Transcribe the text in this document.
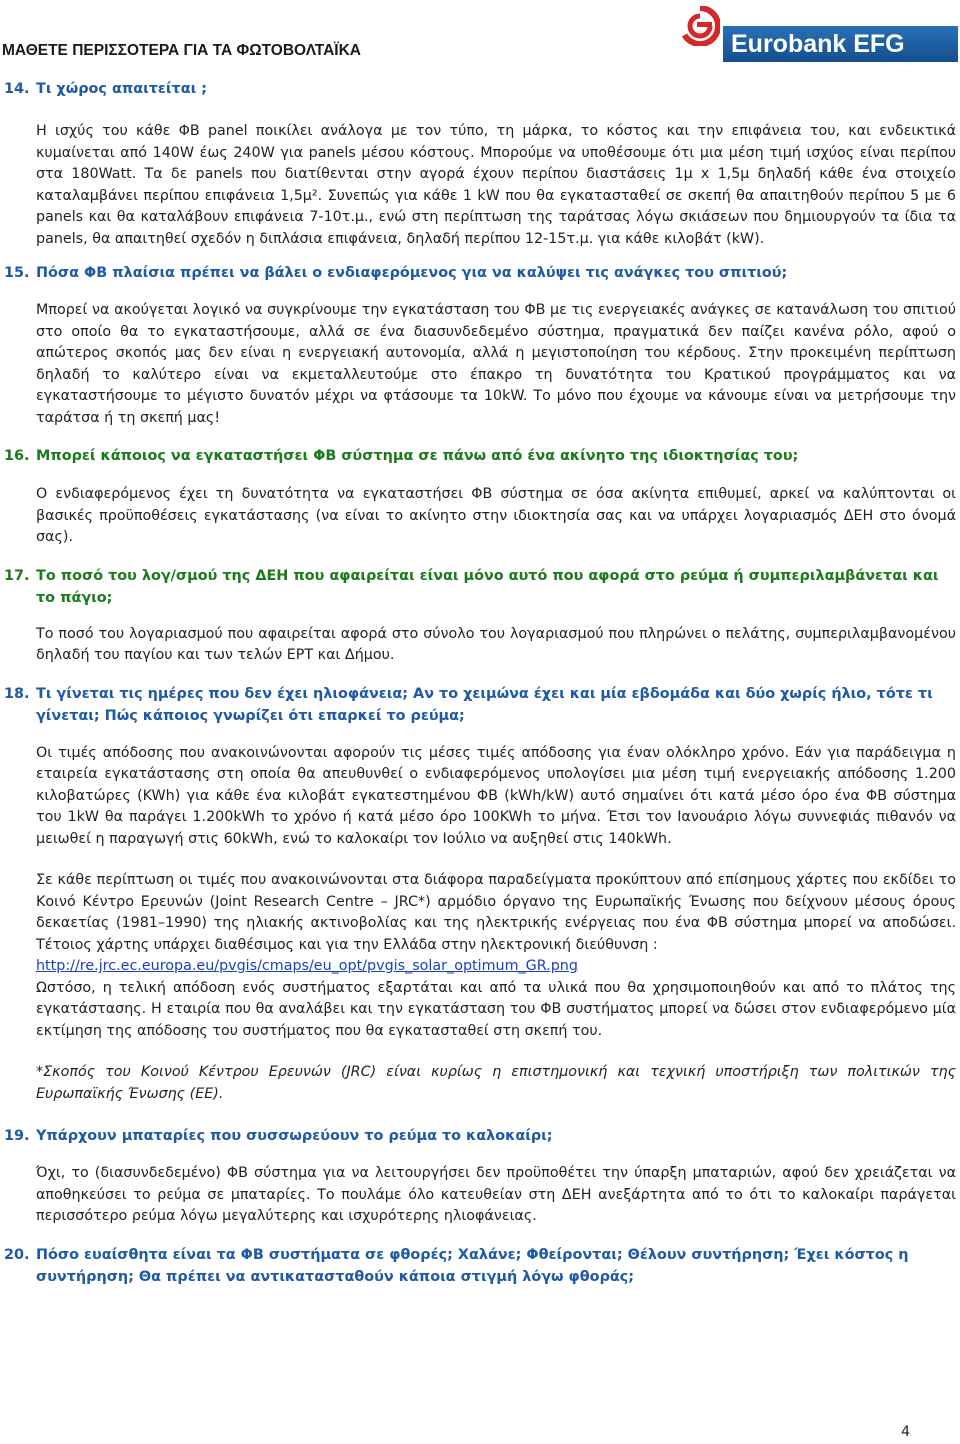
ΜΑΘΕΤΕ ΠΕΡΙΣΣΟΤΕΡΑ ΓΙΑ ΤΑ ΦΩΤΟΒΟΛΤΑΪΚΑ	Eurobank EFG
14. Τι χώρος απαιτείται ;

Η ισχύς του κάθε ΦΒ panel ποικίλει ανάλογα με τον τύπο, τη μάρκα, το κόστος και την επιφάνεια του, και ενδεικτικά κυμαίνεται από 140W έως 240W για panels μέσου κόστους. Μπορούμε να υποθέσουμε ότι μια μέση τιμή ισχύος είναι περίπου στα 180Watt. Τα δε panels που διατίθενται στην αγορά έχουν περίπου διαστάσεις 1μ x 1,5μ δηλαδή κάθε ένα στοιχείο καταλαμβάνει περίπου επιφάνεια 1,5μ². Συνεπώς για κάθε 1 kW που θα εγκατασταθεί σε σκεπή θα απαιτηθούν περίπου 5 με 6 panels και θα καταλάβουν επιφάνεια 7-10τ.μ., ενώ στη περίπτωση της ταράτσας λόγω σκιάσεων που δημιουργούν τα ίδια τα panels, θα απαιτηθεί σχεδόν η διπλάσια επιφάνεια, δηλαδή περίπου 12-15τ.μ. για κάθε κιλοβάτ (kW).

15. Πόσα ΦΒ πλαίσια πρέπει να βάλει ο ενδιαφερόμενος για να καλύψει τις ανάγκες του σπιτιού;

Μπορεί να ακούγεται λογικό να συγκρίνουμε την εγκατάσταση του ΦΒ με τις ενεργειακές ανάγκες σε κατανάλωση του σπιτιού στο οποίο θα το εγκαταστήσουμε, αλλά σε ένα διασυνδεδεμένο σύστημα, πραγματικά δεν παίζει κανένα ρόλο, αφού ο απώτερος σκοπός μας δεν είναι η ενεργειακή αυτονομία, αλλά η μεγιστοποίηση του κέρδους. Στην προκειμένη περίπτωση δηλαδή το καλύτερο είναι να εκμεταλλευτούμε στο έπακρο τη δυνατότητα του Κρατικού προγράμματος και να εγκαταστήσουμε το μέγιστο δυνατόν μέχρι να φτάσουμε τα 10kW. Το μόνο που έχουμε να κάνουμε είναι να μετρήσουμε την ταράτσα ή τη σκεπή μας!

16. Μπορεί κάποιος να εγκαταστήσει ΦΒ σύστημα σε πάνω από ένα ακίνητο της ιδιοκτησίας του;

Ο ενδιαφερόμενος έχει τη δυνατότητα να εγκαταστήσει ΦΒ σύστημα σε όσα ακίνητα επιθυμεί, αρκεί να καλύπτονται οι βασικές προϋποθέσεις εγκατάστασης (να είναι το ακίνητο στην ιδιοκτησία σας και να υπάρχει λογαριασμός ΔΕΗ στο όνομά σας).

17. Το ποσό του λογ/σμού της ΔΕΗ που αφαιρείται είναι μόνο αυτό που αφορά στο ρεύμα ή συμπεριλαμβάνεται και το πάγιο;

Το ποσό του λογαριασμού που αφαιρείται αφορά στο σύνολο του λογαριασμού που πληρώνει ο πελάτης, συμπεριλαμβανομένου δηλαδή του παγίου και των τελών ΕΡΤ και Δήμου.

18. Τι γίνεται τις ημέρες που δεν έχει ηλιοφάνεια; Αν το χειμώνα έχει και μία εβδομάδα και δύο χωρίς ήλιο, τότε τι γίνεται; Πώς κάποιος γνωρίζει ότι επαρκεί το ρεύμα;

Οι τιμές απόδοσης που ανακοινώνονται αφορούν τις μέσες τιμές απόδοσης για έναν ολόκληρο χρόνο. Εάν για παράδειγμα η εταιρεία εγκατάστασης στη οποία θα απευθυνθεί ο ενδιαφερόμενος υπολογίσει μια μέση τιμή ενεργειακής απόδοσης 1.200 κιλοβατώρες (KWh) για κάθε ένα κιλοβάτ εγκατεστημένου ΦΒ (kWh/kW) αυτό σημαίνει ότι κατά μέσο όρο ένα ΦΒ σύστημα του 1kW θα παράγει 1.200kWh το χρόνο ή κατά μέσο όρο 100KWh το μήνα. Έτσι τον Ιανουάριο λόγω συννεφιάς πιθανόν να μειωθεί η παραγωγή στις 60kWh, ενώ το καλοκαίρι τον Ιούλιο να αυξηθεί στις 140kWh.

Σε κάθε περίπτωση οι τιμές που ανακοινώνονται στα διάφορα παραδείγματα προκύπτουν από επίσημους χάρτες που εκδίδει το Κοινό Κέντρο Ερευνών (Joint Research Centre – JRC*) αρμόδιο όργανο της Ευρωπαϊκής Ένωσης που δείχνουν μέσους όρους δεκαετίας (1981–1990) της ηλιακής ακτινοβολίας και της ηλεκτρικής ενέργειας που ένα ΦΒ σύστημα μπορεί να αποδώσει. Τέτοιος χάρτης υπάρχει διαθέσιμος και για την Ελλάδα στην ηλεκτρονική διεύθυνση :

http://re.jrc.ec.europa.eu/pvgis/cmaps/eu_opt/pvgis_solar_optimum_GR.png

Ωστόσο, η τελική απόδοση ενός συστήματος εξαρτάται και από τα υλικά που θα χρησιμοποιηθούν και από το πλάτος της εγκατάστασης. Η εταιρία που θα αναλάβει και την εγκατάσταση του ΦΒ συστήματος μπορεί να δώσει στον ενδιαφερόμενο μία εκτίμηση της απόδοσης του συστήματος που θα εγκατασταθεί στη σκεπή του.

*Σκοπός του Κοινού Κέντρου Ερευνών (JRC) είναι κυρίως η επιστημονική και τεχνική υποστήριξη των πολιτικών της Ευρωπαϊκής Ένωσης (ΕΕ).

19. Υπάρχουν μπαταρίες που συσσωρεύουν το ρεύμα το καλοκαίρι;

Όχι, το (διασυνδεδεμένο) ΦΒ σύστημα για να λειτουργήσει δεν προϋποθέτει την ύπαρξη μπαταριών, αφού δεν χρειάζεται να αποθηκεύσει το ρεύμα σε μπαταρίες. Το πουλάμε όλο κατευθείαν στη ΔΕΗ ανεξάρτητα από το ότι το καλοκαίρι παράγεται περισσότερο ρεύμα λόγω μεγαλύτερης και ισχυρότερης ηλιοφάνειας.

20. Πόσο ευαίσθητα είναι τα ΦΒ συστήματα σε φθορές; Χαλάνε; Φθείρονται; Θέλουν συντήρηση; Έχει κόστος η συντήρηση; Θα πρέπει να αντικατασταθούν κάποια στιγμή λόγω φθοράς;
4
